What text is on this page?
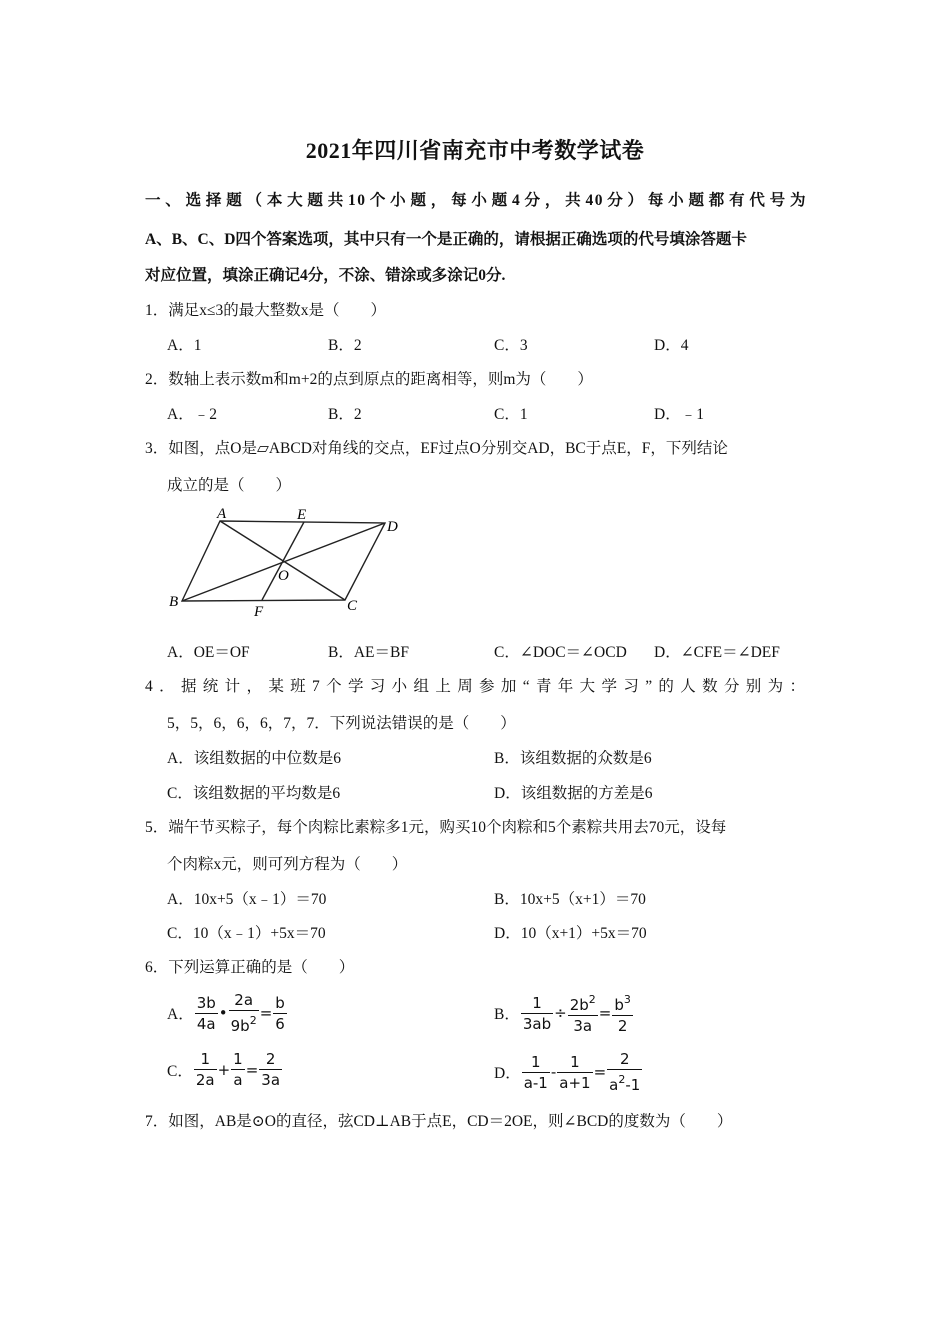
2021年四川省南充市中考数学试卷
一、选择题（本大题共10个小题，每小题4分，共40分）每小题都有代号为
A、B、C、D四个答案选项，其中只有一个是正确的，请根据正确选项的代号填涂答题卡
对应位置，填涂正确记4分，不涂、错涂或多涂记0分.
1．满足x≤3的最大整数x是（　　）
A．1	B．2	C．3	D．4
2．数轴上表示数m和m+2的点到原点的距离相等，则m为（　　）
A．﹣2	B．2	C．1	D．﹣1
3．如图，点O是▱ABCD对角线的交点，EF过点O分别交AD，BC于点E，F，下列结论
成立的是（　　）
A	E
D
B
F	C
O
A．OE＝OF	B．AE＝BF	C．∠DOC＝∠OCD D．∠CFE＝∠DEF
4．据统计，某班7个学习小组上周参加“青年大学习”的人数分别为：
5，5，6，6，6，7，7．下列说法错误的是（　　）
A．该组数据的中位数是6	B．该组数据的众数是6
C．该组数据的平均数是6	D．该组数据的方差是6
5．端午节买粽子，每个肉粽比素粽多1元，购买10个肉粽和5个素粽共用去70元，设每
个肉粽x元，则可列方程为（　　）
A．10x+5（x﹣1）＝70	B．10x+5（x+1）＝70
C．10（x﹣1）+5x＝70	D．10（x+1）+5x＝70
6．下列运算正确的是（　　）
A． $\frac{3b}{4a}$ • $\frac{2a}{9b^2} = \frac{b}{6}$	B． $\frac{1}{3ab} \div \frac{2b^2}{3a} = \frac{b^3}{2}$
C． $\frac{1}{2a} + \frac{1}{a} = \frac{2}{3a}$	D． $\frac{1}{a-1} - \frac{1}{a+1} = \frac{2}{a^2-1}$
7．如图，AB是⊙O的直径，弦CD⊥AB于点E，CD＝2OE，则∠BCD的度数为（　　）
